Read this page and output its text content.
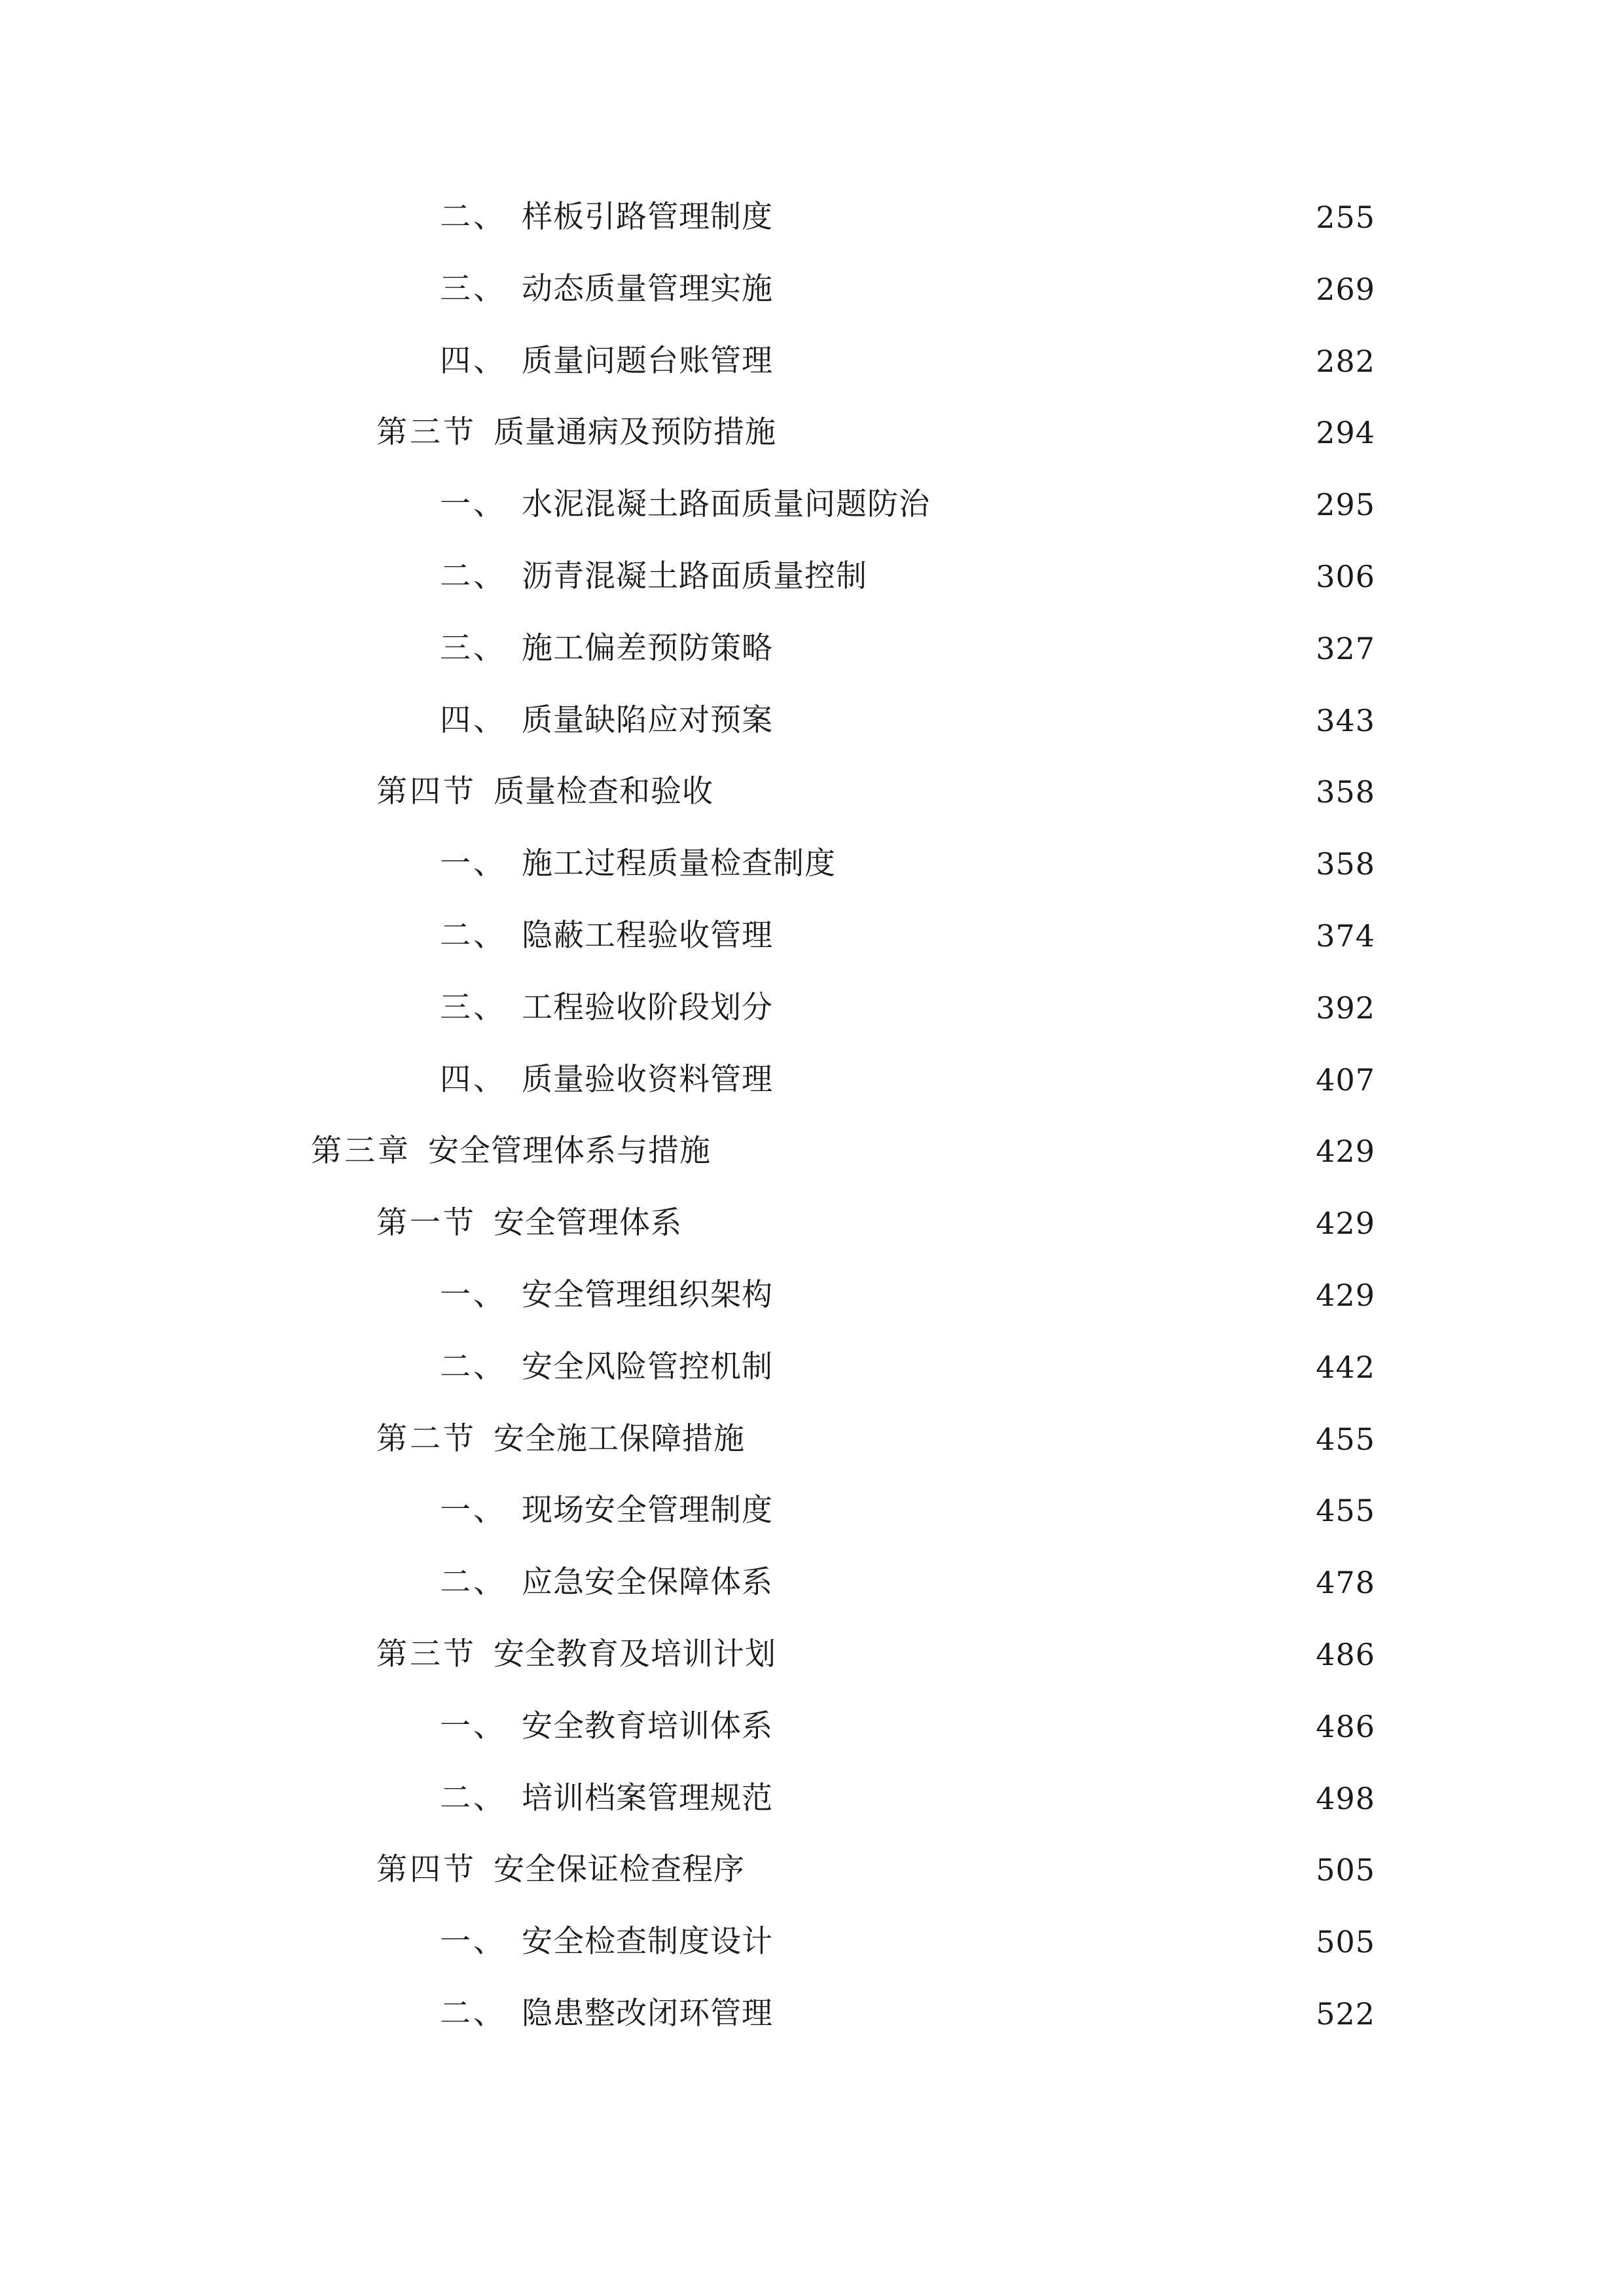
二、 样板引路管理制度	255
三、 动态质量管理实施	269
四、 质量问题台账管理	282
第三节 质量通病及预防措施	294
一、 水泥混凝土路面质量问题防治	295
二、 沥青混凝土路面质量控制	306
三、 施工偏差预防策略	327
四、 质量缺陷应对预案	343
第四节 质量检查和验收	358
一、 施工过程质量检查制度	358
二、 隐蔽工程验收管理	374
三、 工程验收阶段划分	392
四、 质量验收资料管理	407
第三章 安全管理体系与措施	429
第一节 安全管理体系	429
一、 安全管理组织架构	429
二、 安全风险管控机制	442
第二节 安全施工保障措施	455
一、 现场安全管理制度	455
二、 应急安全保障体系	478
第三节 安全教育及培训计划	486
一、 安全教育培训体系	486
二、 培训档案管理规范	498
第四节 安全保证检查程序	505
一、 安全检查制度设计	505
二、 隐患整改闭环管理	522
